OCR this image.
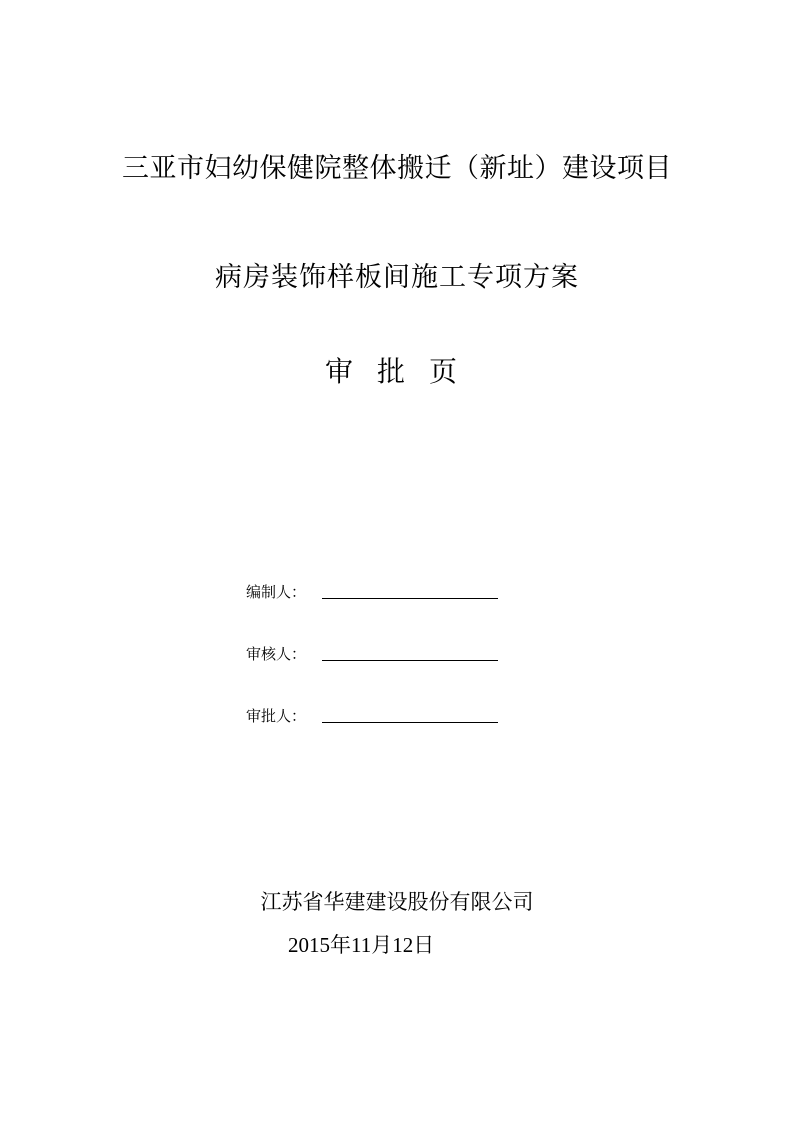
三亚市妇幼保健院整体搬迁（新址）建设项目
病房装饰样板间施工专项方案
审批页
编制人：
审核人：
审批人：
江苏省华建建设股份有限公司
2015年11月12日
